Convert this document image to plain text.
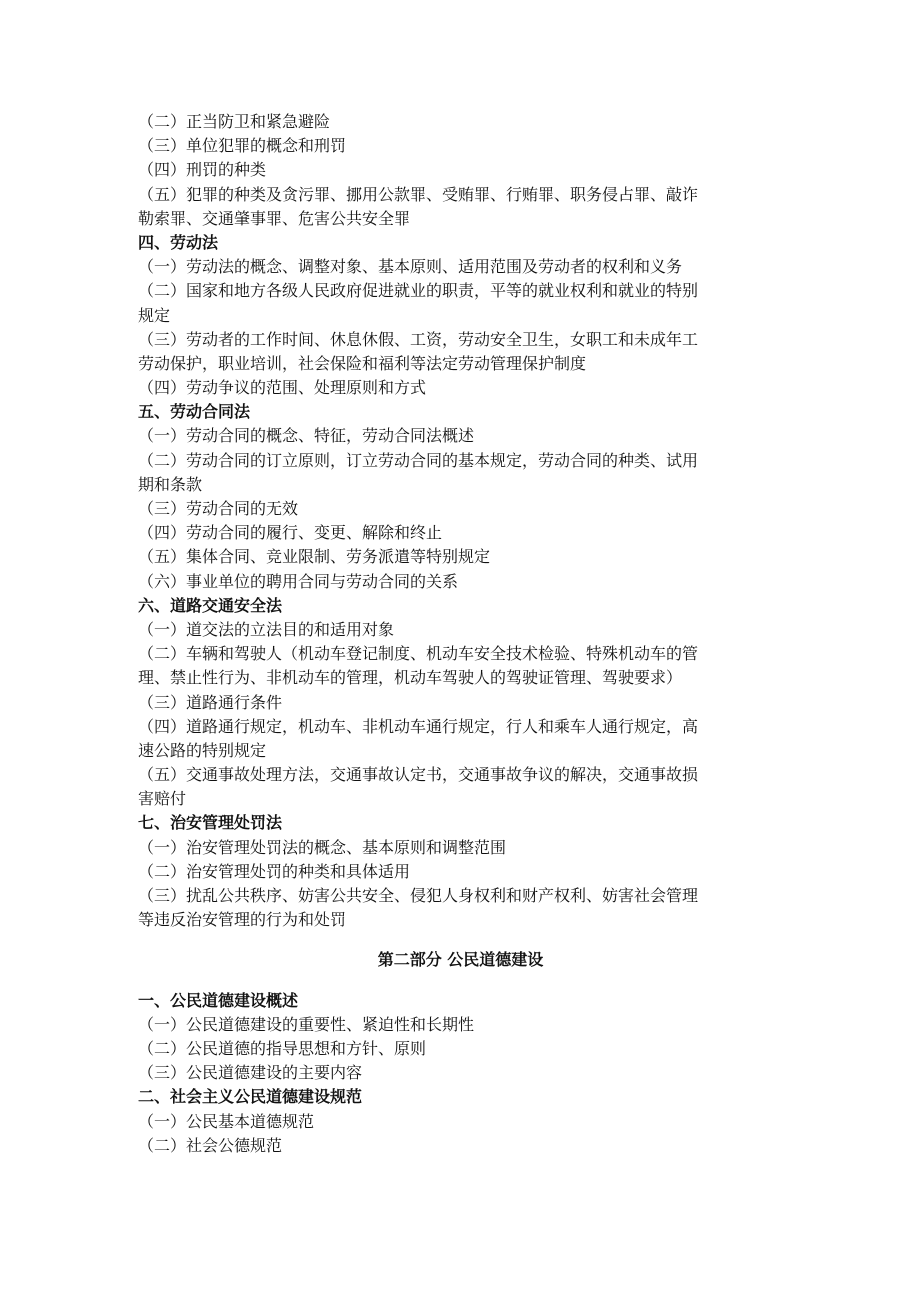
（二）正当防卫和紧急避险
（三）单位犯罪的概念和刑罚
（四）刑罚的种类
（五）犯罪的种类及贪污罪、挪用公款罪、受贿罪、行贿罪、职务侵占罪、敲诈
勒索罪、交通肇事罪、危害公共安全罪
四、劳动法
（一）劳动法的概念、调整对象、基本原则、适用范围及劳动者的权利和义务
（二）国家和地方各级人民政府促进就业的职责，平等的就业权利和就业的特别
规定
（三）劳动者的工作时间、休息休假、工资，劳动安全卫生，女职工和未成年工
劳动保护，职业培训，社会保险和福利等法定劳动管理保护制度
（四）劳动争议的范围、处理原则和方式
五、劳动合同法
（一）劳动合同的概念、特征，劳动合同法概述
（二）劳动合同的订立原则，订立劳动合同的基本规定，劳动合同的种类、试用
期和条款
（三）劳动合同的无效
（四）劳动合同的履行、变更、解除和终止
（五）集体合同、竞业限制、劳务派遣等特别规定
（六）事业单位的聘用合同与劳动合同的关系
六、道路交通安全法
（一）道交法的立法目的和适用对象
（二）车辆和驾驶人（机动车登记制度、机动车安全技术检验、特殊机动车的管
理、禁止性行为、非机动车的管理，机动车驾驶人的驾驶证管理、驾驶要求）
（三）道路通行条件
（四）道路通行规定，机动车、非机动车通行规定，行人和乘车人通行规定，高
速公路的特别规定
（五）交通事故处理方法，交通事故认定书，交通事故争议的解决，交通事故损
害赔付
七、治安管理处罚法
（一）治安管理处罚法的概念、基本原则和调整范围
（二）治安管理处罚的种类和具体适用
（三）扰乱公共秩序、妨害公共安全、侵犯人身权利和财产权利、妨害社会管理
等违反治安管理的行为和处罚
第二部分 公民道德建设
一、公民道德建设概述
（一）公民道德建设的重要性、紧迫性和长期性
（二）公民道德的指导思想和方针、原则
（三）公民道德建设的主要内容
二、社会主义公民道德建设规范
（一）公民基本道德规范
（二）社会公德规范
